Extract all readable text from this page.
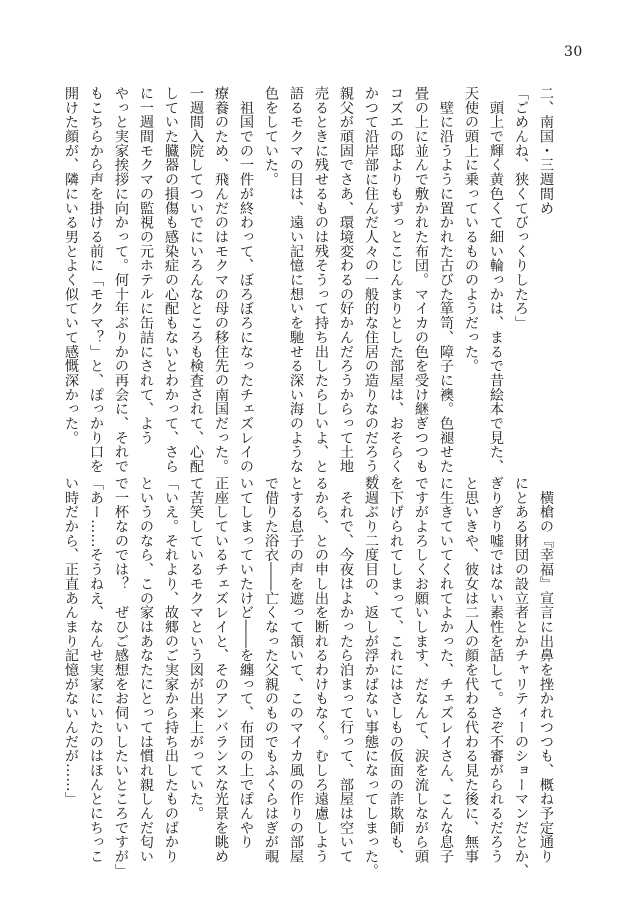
30

二、南国・三週間め

「ごめんね、狭くてびっくりしたろ」

　頭上で輝く黄色くて細い輪っかは、まるで昔絵本で見た、

天使の頭上に乗っているもののようだった。

　壁に沿うように置かれた古びた箪笥、障子に襖。色褪せた

畳の上に並んで敷かれた布団。マイカの色を受け継ぎつつも

コズエの邸よりもずっとこじんまりとした部屋は、おそらく

かつて沿岸部に住んだ人々の一般的な住居の造りなのだろう。

親父が頑固でさあ、環境変わるの好かんだろうからって土地

売るときに残せるものは残そうって持ち出したらしいよ、と

語るモクマの目は、遠い記憶に想いを馳せる深い海のような

色をしていた。

　祖国での一件が終わって、ぼろぼろになったチェズレイの

療養のため、飛んだのはモクマの母の移住先の南国だった。

一週間入院してついでにいろんなところも検査されて、心配

していた臓器の損傷も感染症の心配もないとわかって、さら

に一週間モクマの監視の元ホテルに缶詰にされて、よう

やっと実家挨拶に向かって。何十年ぶりかの再会に、それで

もこちらから声を掛ける前に「モクマ？」と、ぽっかり口を

開けた顔が、隣にいる男とよく似ていて感慨深かった。

　横槍の『幸福』宣言に出鼻を挫かれつつも、概ね予定通り

にとある財団の設立者とかチャリティーのショーマンだとか、

ぎりぎり嘘ではない素性を話して。さぞ不審がられるだろう

と思いきや、彼女は二人の顔を代わる代わる見た後に、無事

に生きていてくれてよかった、チェズレイさん、こんな息子

ですがよろしくお願いします、だなんて、涙を流しながら頭

を下げられてしまって、これにはさしもの仮面の詐欺師も、

数週ぶり二度目の、返しが浮かばない事態になってしまった。

　それで、今夜はよかったら泊まって行って、部屋は空いて

るから、との申し出を断れるわけもなく。むしろ遠慮しよう

とする息子の声を遮って頷いて、このマイカ風の作りの部屋

で借りた浴衣――亡くなった父親のものでもふくらはぎが覗

いてしまっていたけど――を纏って、布団の上でぽんやり

正座しているチェズレイと、そのアンバランスな光景を眺め

て苦笑しているモクマという図が出来上がっていた。

「いえ。それより、故郷のご実家から持ち出したものばかり

というのなら、この家はあなたにとっては慣れ親しんだ匂い

で一杯なのでは？　ぜひご感想をお伺いしたいところですが」

「あー……そうねえ、なんせ実家にいたのはほんとにちっこ

い時だから、正直あんまり記憶がないんだが……」
